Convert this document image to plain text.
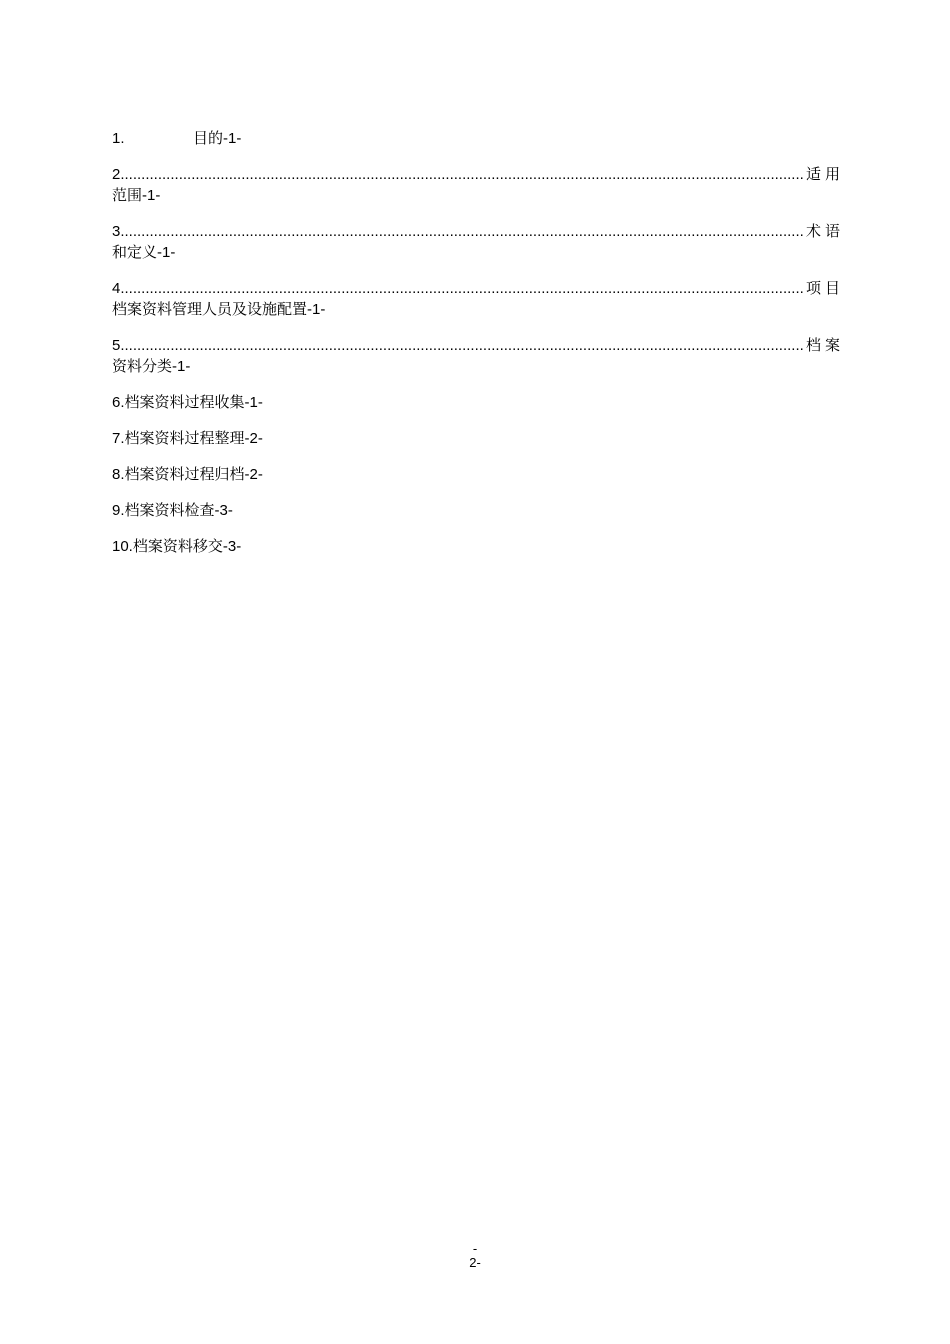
1.	目的-1-
2 .....	适用
范围-1-
3 .....	术语
和定义-1-
4 .....	项目
档案资料管理人员及设施配置-1-
5 .....	档案
资料分类-1-
6.档案资料过程收集-1-
7.档案资料过程整理-2-
8.档案资料过程归档-2-
9.档案资料检查-3-
10.档案资料移交-3-
-
2-
